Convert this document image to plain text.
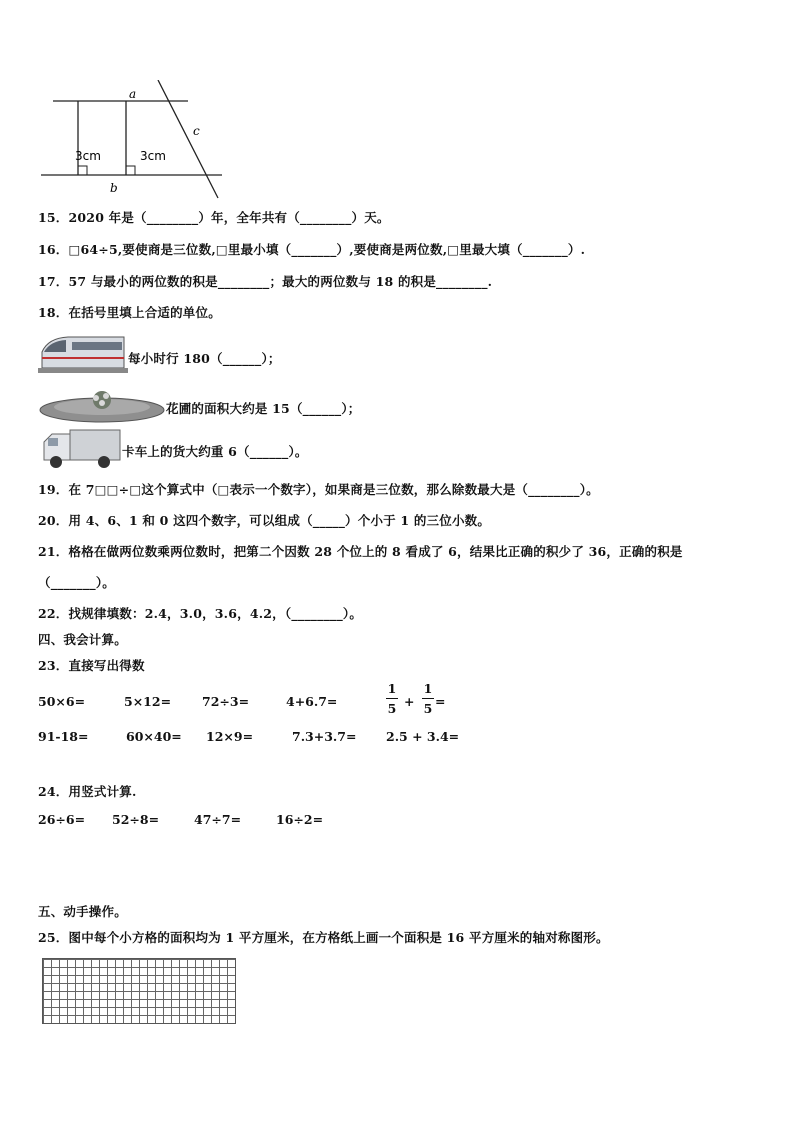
a
b
c
3cm	3cm
15．2020 年是（________）年，全年共有（________）天。
16．□64÷5,要使商是三位数,□里最小填（_______）,要使商是两位数,□里最大填（_______）.
17．57 与最小的两位数的积是________；最大的两位数与 18 的积是________.
18．在括号里填上合适的单位。
每小时行 180（______）；
花圃的面积大约是 15（______）；
卡车上的货大约重 6（______）。
19．在 7□□÷□这个算式中（□表示一个数字），如果商是三位数，那么除数最大是（________）。
20．用 4、6、1 和 0 这四个数字，可以组成（_____）个小于 1 的三位小数。
21．格格在做两位数乘两位数时，把第二个因数 28 个位上的 8 看成了 6，结果比正确的积少了 36，正确的积是
（_______）。
22．找规律填数：2.4，3.0，3.6，4.2，（________）。
四、我会计算。
23．直接写出得数
50×6=	5×12= 72÷3=	4+6.7=
1
5 +
1
5 =
91-18=	60×40= 12×9=	7.3+3.7= 2.5 + 3.4=
24．用竖式计算.
26÷6= 52÷8=	47÷7=	16÷2=
五、动手操作。
25．图中每个小方格的面积均为 1 平方厘米，在方格纸上画一个面积是 16 平方厘米的轴对称图形。
